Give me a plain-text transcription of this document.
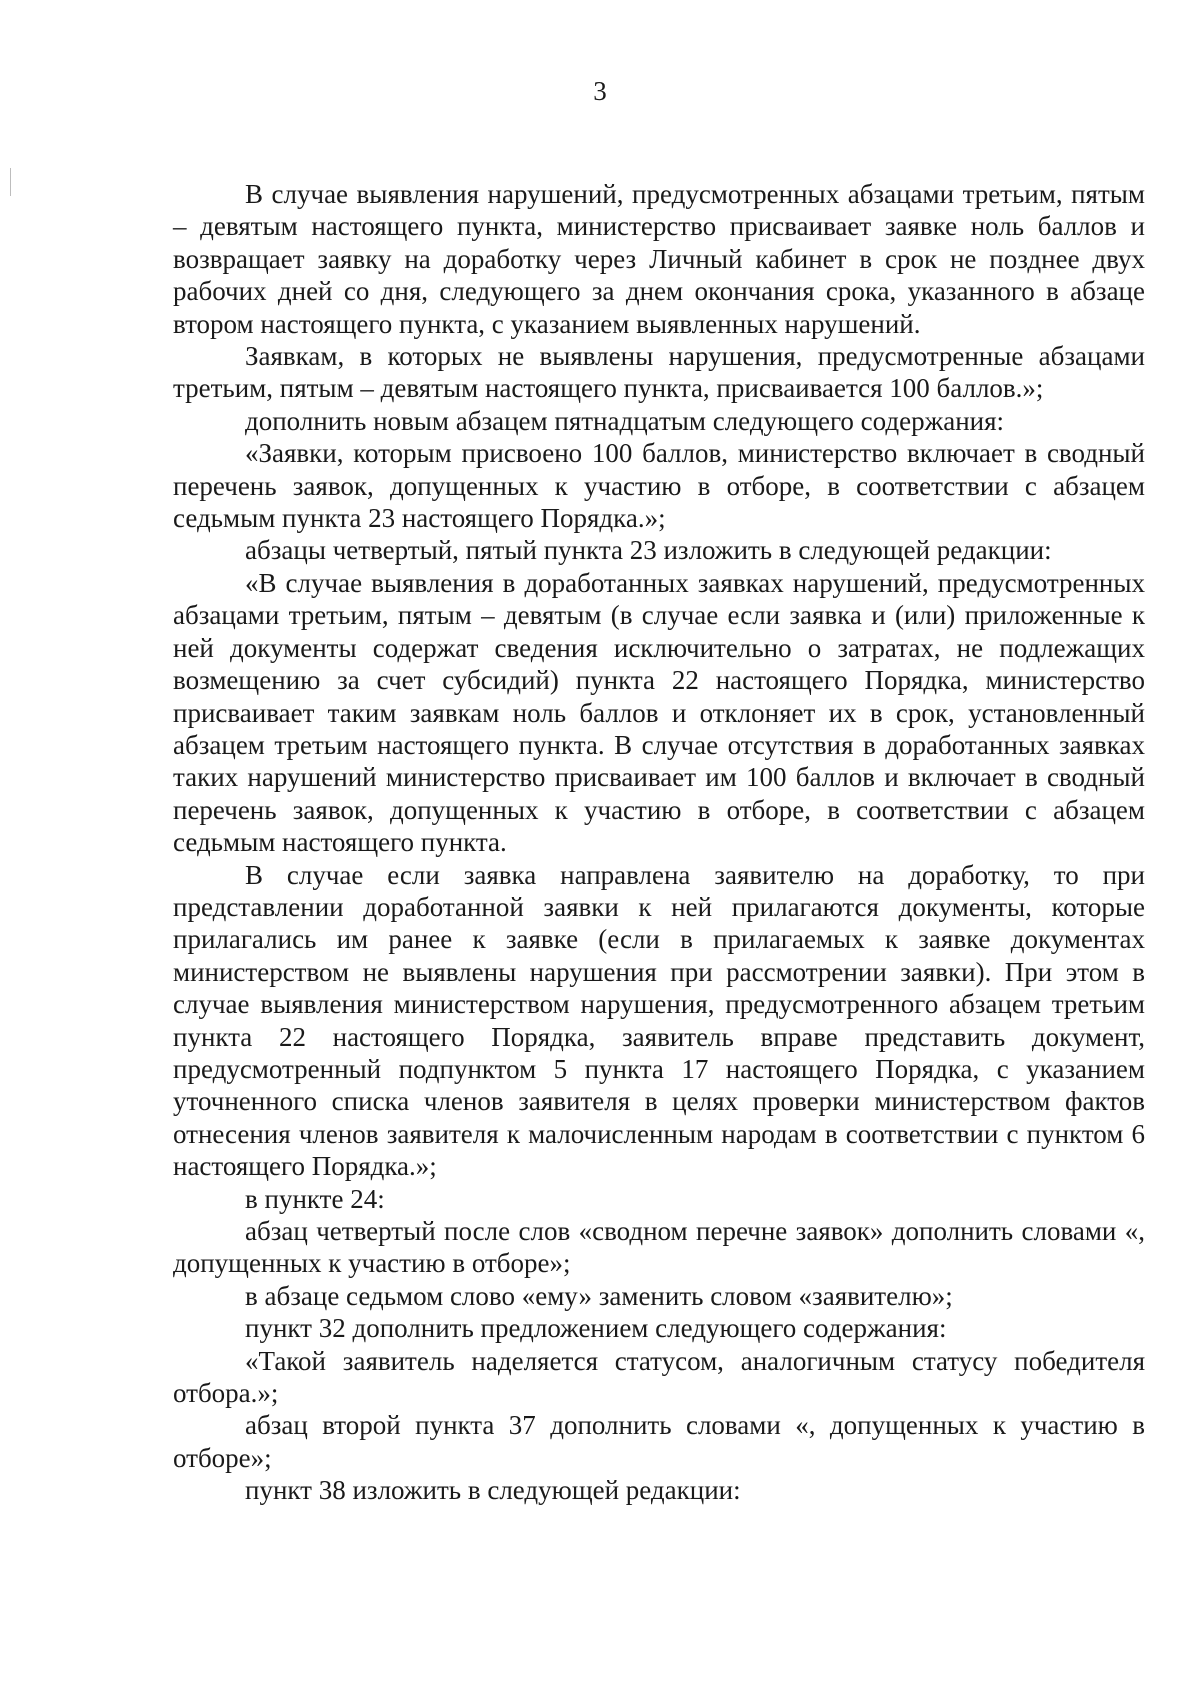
3

В случае выявления нарушений, предусмотренных абзацами третьим, пятым – девятым настоящего пункта, министерство присваивает заявке ноль баллов и возвращает заявку на доработку через Личный кабинет в срок не позднее двух рабочих дней со дня, следующего за днем окончания срока, указанного в абзаце втором настоящего пункта, с указанием выявленных нарушений.

Заявкам, в которых не выявлены нарушения, предусмотренные абзацами третьим, пятым – девятым настоящего пункта, присваивается 100 баллов.»;

дополнить новым абзацем пятнадцатым следующего содержания:

«Заявки, которым присвоено 100 баллов, министерство включает в сводный перечень заявок, допущенных к участию в отборе, в соответствии с абзацем седьмым пункта 23 настоящего Порядка.»;

абзацы четвертый, пятый пункта 23 изложить в следующей редакции:

«В случае выявления в доработанных заявках нарушений, предусмотренных абзацами третьим, пятым – девятым (в случае если заявка и (или) приложенные к ней документы содержат сведения исключительно о затратах, не подлежащих возмещению за счет субсидий) пункта 22 настоящего Порядка, министерство присваивает таким заявкам ноль баллов и отклоняет их в срок, установленный абзацем третьим настоящего пункта. В случае отсутствия в доработанных заявках таких нарушений министерство присваивает им 100 баллов и включает в сводный перечень заявок, допущенных к участию в отборе, в соответствии с абзацем седьмым настоящего пункта.

В случае если заявка направлена заявителю на доработку, то при представлении доработанной заявки к ней прилагаются документы, которые прилагались им ранее к заявке (если в прилагаемых к заявке документах министерством не выявлены нарушения при рассмотрении заявки). При этом в случае выявления министерством нарушения, предусмотренного абзацем третьим пункта 22 настоящего Порядка, заявитель вправе представить документ, предусмотренный подпунктом 5 пункта 17 настоящего Порядка, с указанием уточненного списка членов заявителя в целях проверки министерством фактов отнесения членов заявителя к малочисленным народам в соответствии с пунктом 6 настоящего Порядка.»;

в пункте 24:

абзац четвертый после слов «сводном перечне заявок» дополнить словами «, допущенных к участию в отборе»;

в абзаце седьмом слово «ему» заменить словом «заявителю»;

пункт 32 дополнить предложением следующего содержания:

«Такой заявитель наделяется статусом, аналогичным статусу победителя отбора.»;

абзац второй пункта 37 дополнить словами «, допущенных к участию в отборе»;

пункт 38 изложить в следующей редакции:
